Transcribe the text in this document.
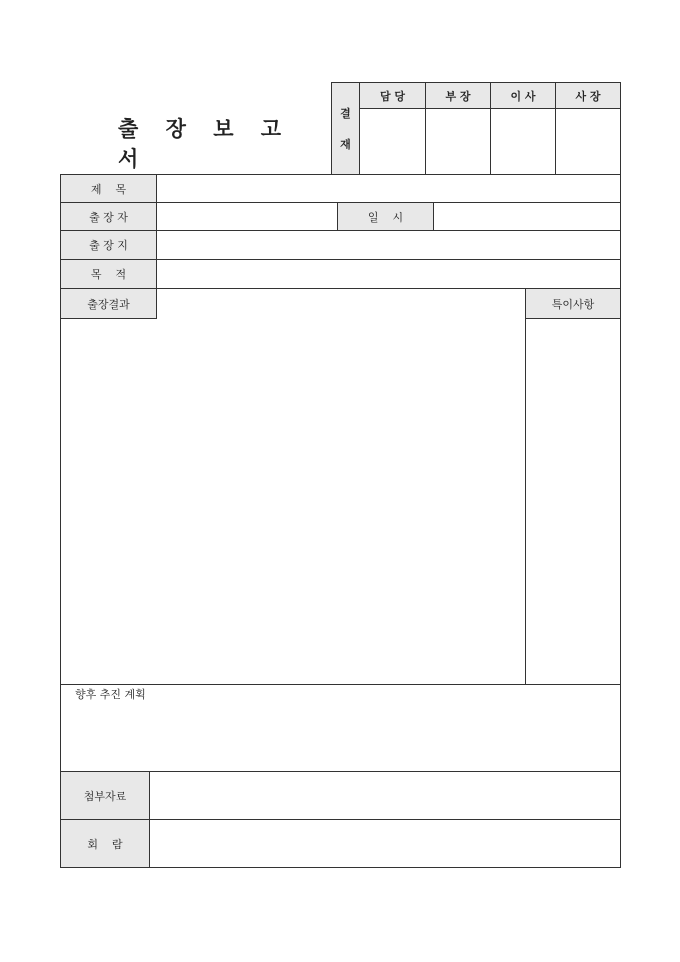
출 장 보 고 서
결
재
담 당	부 장	이 사	사 장
제    목
출 장 자	일    시
출 장 지
목    적
출장결과	특이사항
향후 추진 계획
첨부자료
회    람
